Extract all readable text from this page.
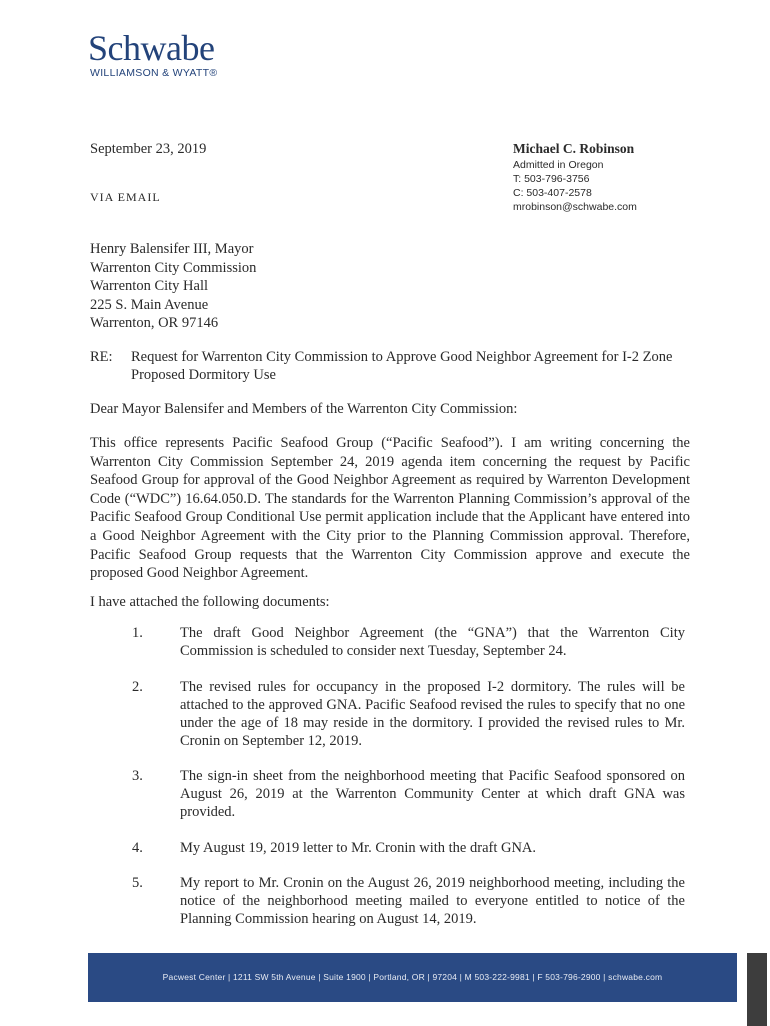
Schwabe
WILLIAMSON & WYATT®
September 23, 2019
VIA EMAIL
Michael C. Robinson
Admitted in Oregon
T: 503-796-3756
C: 503-407-2578
mrobinson@schwabe.com
Henry Balensifer III, Mayor
Warrenton City Commission
Warrenton City Hall
225 S. Main Avenue
Warrenton, OR 97146
RE: Request for Warrenton City Commission to Approve Good Neighbor Agreement for I-2 Zone Proposed Dormitory Use
Dear Mayor Balensifer and Members of the Warrenton City Commission:
This office represents Pacific Seafood Group (“Pacific Seafood”). I am writing concerning the Warrenton City Commission September 24, 2019 agenda item concerning the request by Pacific Seafood Group for approval of the Good Neighbor Agreement as required by Warrenton Development Code (“WDC”) 16.64.050.D. The standards for the Warrenton Planning Commission’s approval of the Pacific Seafood Group Conditional Use permit application include that the Applicant have entered into a Good Neighbor Agreement with the City prior to the Planning Commission approval. Therefore, Pacific Seafood Group requests that the Warrenton City Commission approve and execute the proposed Good Neighbor Agreement.
I have attached the following documents:
1.	The draft Good Neighbor Agreement (the “GNA”) that the Warrenton City Commission is scheduled to consider next Tuesday, September 24.
2.	The revised rules for occupancy in the proposed I-2 dormitory. The rules will be attached to the approved GNA. Pacific Seafood revised the rules to specify that no one under the age of 18 may reside in the dormitory. I provided the revised rules to Mr. Cronin on September 12, 2019.
3.	The sign-in sheet from the neighborhood meeting that Pacific Seafood sponsored on August 26, 2019 at the Warrenton Community Center at which draft GNA was provided.
4.	My August 19, 2019 letter to Mr. Cronin with the draft GNA.
5.	My report to Mr. Cronin on the August 26, 2019 neighborhood meeting, including the notice of the neighborhood meeting mailed to everyone entitled to notice of the Planning Commission hearing on August 14, 2019.
Pacwest Center | 1211 SW 5th Avenue | Suite 1900 | Portland, OR | 97204 | M 503-222-9981 | F 503-796-2900 | schwabe.com
